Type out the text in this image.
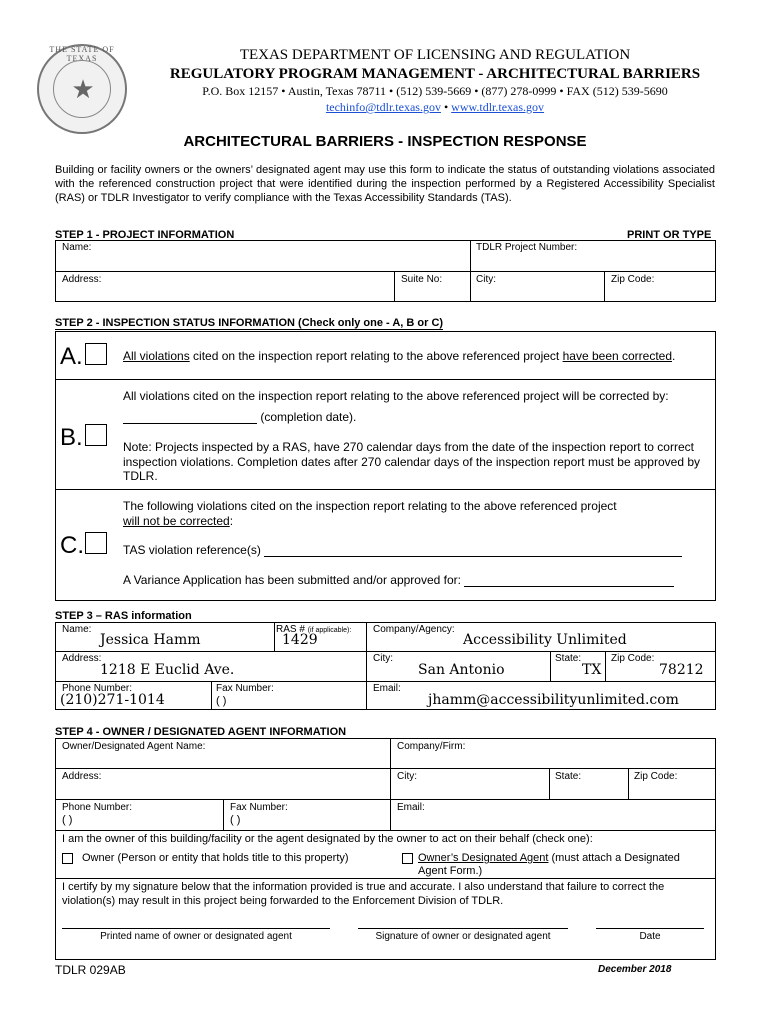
THE STATE OF TEXAS
★
TEXAS DEPARTMENT OF LICENSING AND REGULATION
REGULATORY PROGRAM MANAGEMENT - ARCHITECTURAL BARRIERS
P.O. Box 12157 • Austin, Texas 78711 • (512) 539-5669 • (877) 278-0999 • FAX (512) 539-5690
techinfo@tdlr.texas.gov • www.tdlr.texas.gov
ARCHITECTURAL BARRIERS - INSPECTION RESPONSE
Building or facility owners or the owners’ designated agent may use this form to indicate the status of outstanding violations associated with the referenced construction project that were identified during the inspection performed by a Registered Accessibility Specialist (RAS) or TDLR Investigator to verify compliance with the Texas Accessibility Standards (TAS).
STEP 1 - PROJECT INFORMATION	PRINT OR TYPE
Name:	TDLR Project Number:
Address:	Suite No:	City:	Zip Code:
STEP 2 - INSPECTION STATUS INFORMATION (Check only one - A, B or C)
A.	All violations cited on the inspection report relating to the above referenced project have been corrected.
B.
All violations cited on the inspection report relating to the above referenced project will be corrected by:
(completion date).
Note: Projects inspected by a RAS, have 270 calendar days from the date of the inspection report to correct inspection violations. Completion dates after 270 calendar days of the inspection report must be approved by TDLR.
C.
The following violations cited on the inspection report relating to the above referenced project
will not be corrected:
TAS violation reference(s)
A Variance Application has been submitted and/or approved for:
STEP 3 – RAS information
Name:
Jessica Hamm
RAS # (if applicable):
1429
Company/Agency:
Accessibility Unlimited
Address:
1218 E Euclid Ave.
City:
San Antonio
State:
TX
Zip Code:
78212
Phone Number:
(210)271-1014
Fax Number:
( )
Email:
jhamm@accessibilityunlimited.com
STEP 4 - OWNER / DESIGNATED AGENT INFORMATION
Owner/Designated Agent Name:	Company/Firm:
Address:	City:	State:	Zip Code:
Phone Number:
( )
Fax Number:
( )
Email:
I am the owner of this building/facility or the agent designated by the owner to act on their behalf (check one):
Owner (Person or entity that holds title to this property)	Owner’s Designated Agent (must attach a Designated
Agent Form.)
I certify by my signature below that the information provided is true and accurate. I also understand that failure to correct the violation(s) may result in this project being forwarded to the Enforcement Division of TDLR.
Printed name of owner or designated agent	Signature of owner or designated agent	Date
TDLR 029AB	December 2018
